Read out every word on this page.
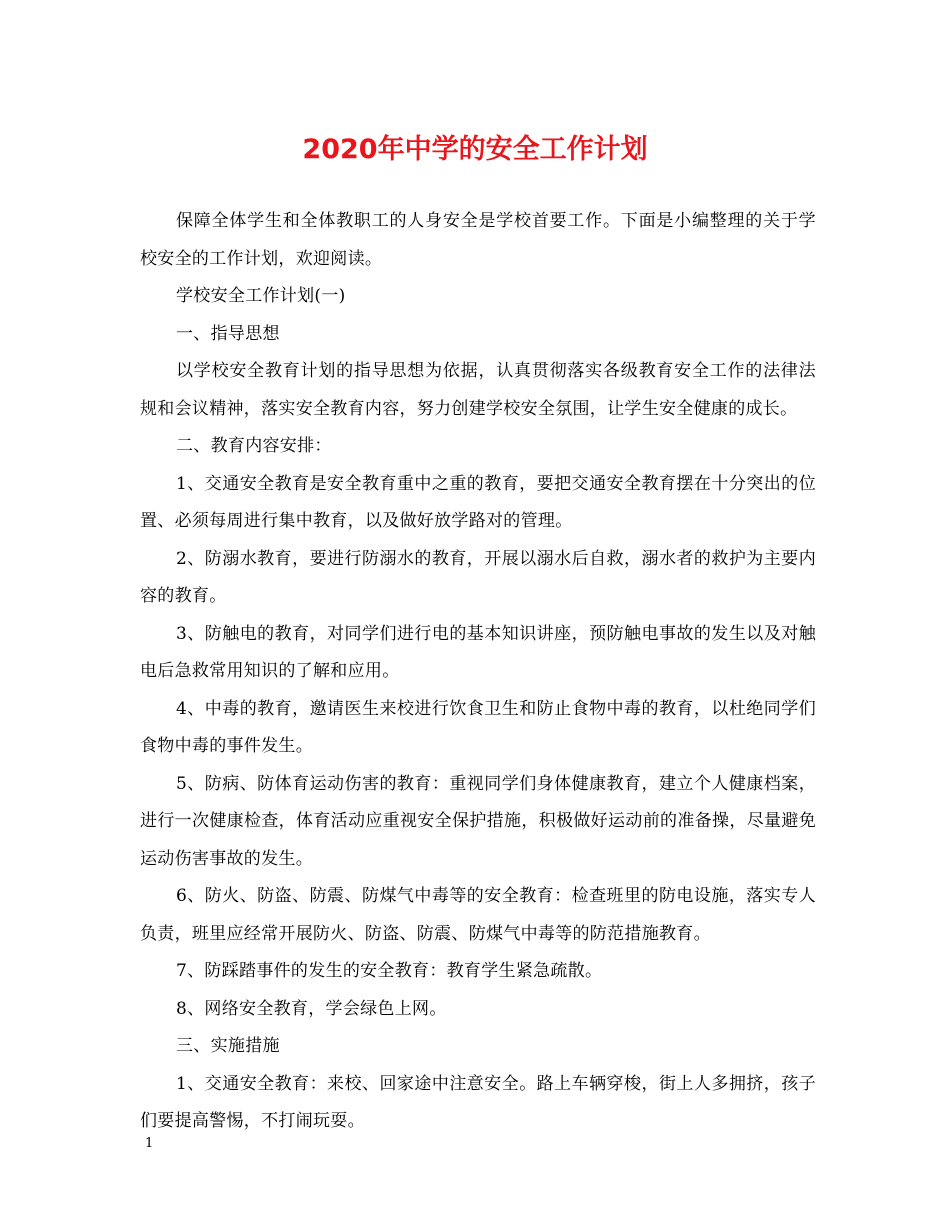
2020年中学的安全工作计划

保障全体学生和全体教职工的人身安全是学校首要工作。下面是小编整理的关于学校安全的工作计划，欢迎阅读。

学校安全工作计划(一)

一、指导思想

以学校安全教育计划的指导思想为依据，认真贯彻落实各级教育安全工作的法律法规和会议精神，落实安全教育内容，努力创建学校安全氛围，让学生安全健康的成长。

二、教育内容安排：

1、交通安全教育是安全教育重中之重的教育，要把交通安全教育摆在十分突出的位置、必须每周进行集中教育，以及做好放学路对的管理。

2、防溺水教育，要进行防溺水的教育，开展以溺水后自救，溺水者的救护为主要内容的教育。

3、防触电的教育，对同学们进行电的基本知识讲座，预防触电事故的发生以及对触电后急救常用知识的了解和应用。

4、中毒的教育，邀请医生来校进行饮食卫生和防止食物中毒的教育，以杜绝同学们食物中毒的事件发生。

5、防病、防体育运动伤害的教育：重视同学们身体健康教育，建立个人健康档案，进行一次健康检查，体育活动应重视安全保护措施，积极做好运动前的准备操，尽量避免运动伤害事故的发生。

6、防火、防盗、防震、防煤气中毒等的安全教育：检查班里的防电设施，落实专人负责，班里应经常开展防火、防盗、防震、防煤气中毒等的防范措施教育。

7、防踩踏事件的发生的安全教育：教育学生紧急疏散。

8、网络安全教育，学会绿色上网。

三、实施措施

1、交通安全教育：来校、回家途中注意安全。路上车辆穿梭，街上人多拥挤，孩子们要提高警惕，不打闹玩耍。

1
